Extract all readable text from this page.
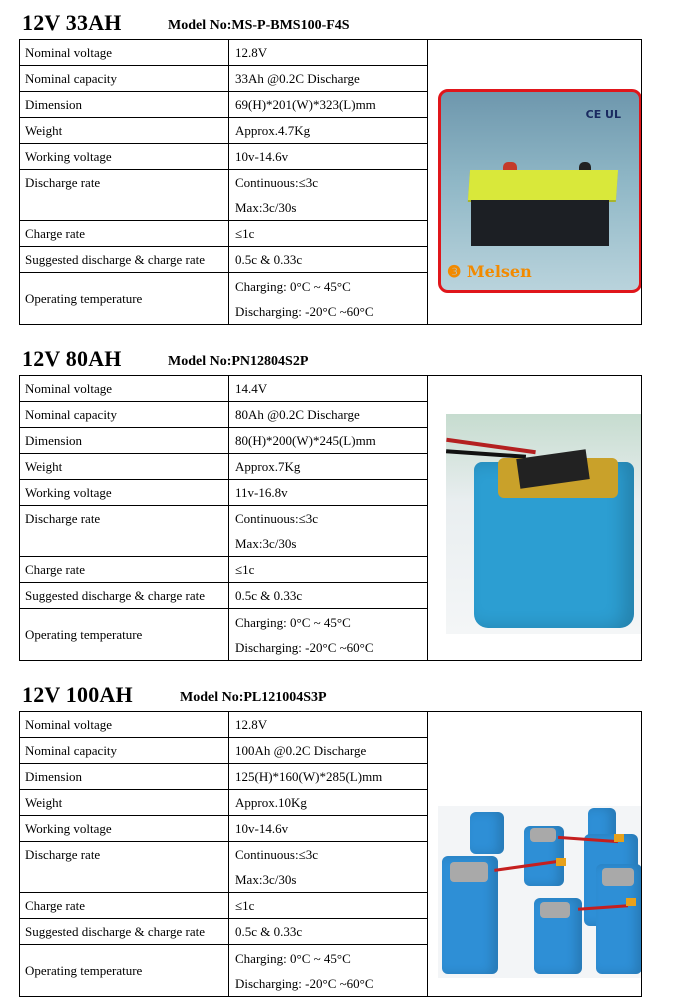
12V 33AH	Model No:MS-P-BMS100-F4S
Nominal voltage	12.8V	CE UL
❸ Melsen

Nominal capacity	33Ah @0.2C Discharge	
Dimension	69(H)*201(W)*323(L)mm	
Weight	Approx.4.7Kg	
Working voltage	10v-14.6v	
Discharge rate	Continuous:≤3c	
	Max:3c/30s	
Charge rate	≤1c	
Suggested discharge & charge rate	0.5c & 0.33c	
Operating temperature	Charging: 0°C ~ 45°C
Discharging: -20°C ~60°C	
12V 80AH	Model No:PN12804S2P
Nominal voltage	14.4V	

Nominal capacity	80Ah @0.2C Discharge	
Dimension	80(H)*200(W)*245(L)mm	
Weight	Approx.7Kg	
Working voltage	11v-16.8v	
Discharge rate	Continuous:≤3c	
	Max:3c/30s	
Charge rate	≤1c	
Suggested discharge & charge rate	0.5c & 0.33c	
Operating temperature	Charging: 0°C ~ 45°C
Discharging: -20°C ~60°C	
12V 100AH	Model No:PL121004S3P
Nominal voltage	12.8V	

Nominal capacity	100Ah @0.2C Discharge	
Dimension	125(H)*160(W)*285(L)mm	
Weight	Approx.10Kg	
Working voltage	10v-14.6v	
Discharge rate	Continuous:≤3c	
	Max:3c/30s	
Charge rate	≤1c	
Suggested discharge & charge rate	0.5c & 0.33c	
Operating temperature	Charging: 0°C ~ 45°C
Discharging: -20°C ~60°C	
